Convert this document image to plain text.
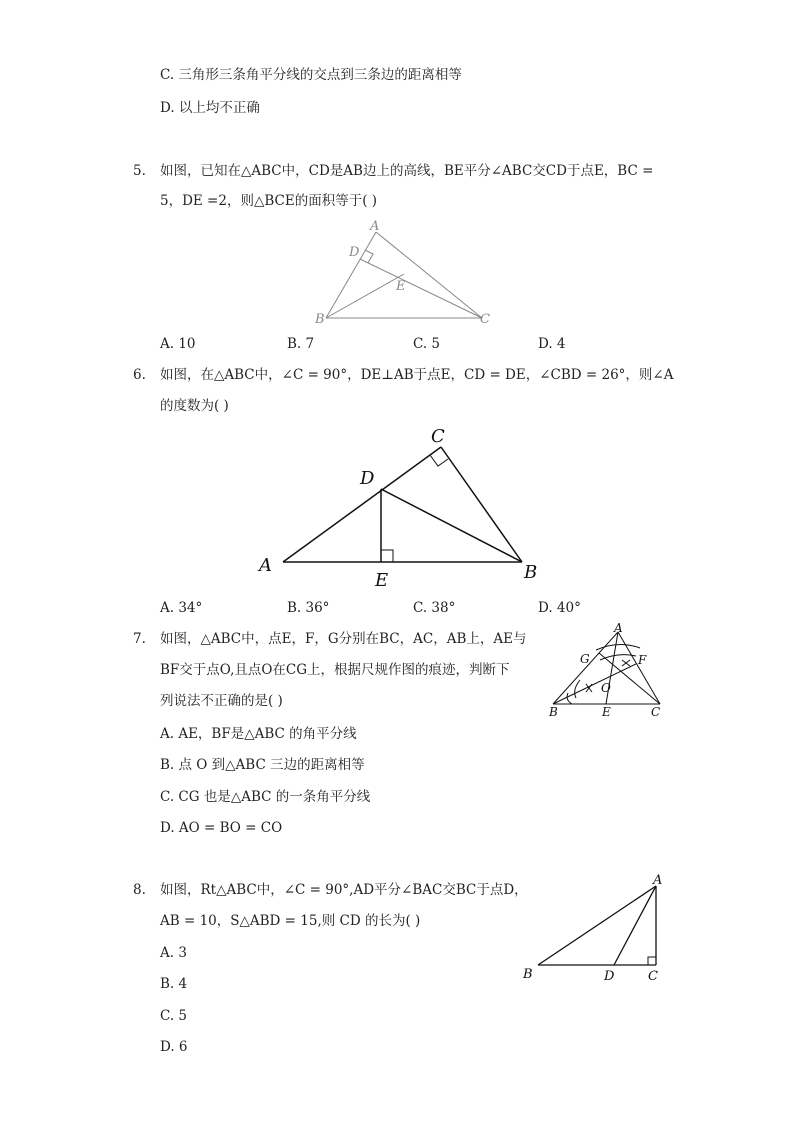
C. 三角形三条角平分线的交点到三条边的距离相等
D. 以上均不正确
5. 如图，已知在△ABC中，CD是AB边上的高线，BE平分∠ABC交CD于点E，BC =
5，DE =2，则△BCE的面积等于( )
A
B	C
D
E
A. 10	B. 7	C. 5	D. 4
6. 如图，在△ABC中，∠C = 90°，DE⊥AB于点E，CD = DE，∠CBD = 26°，则∠A
的度数为( )
A	B
C
D
E
A. 34°	B. 36°	C. 38°	D. 40°
7. 如图，△ABC中，点E，F，G分别在BC，AC，AB上，AE与
BF交于点O,且点O在CG上，根据尺规作图的痕迹，判断下
列说法不正确的是( )
A
B	C
E
F
G
O
A. AE，BF是△ABC 的角平分线
B. 点 O 到△ABC 三边的距离相等
C. CG 也是△ABC 的一条角平分线
D. AO = BO = CO
8. 如图，Rt△ABC中，∠C = 90°,AD平分∠BAC交BC于点D，
AB = 10，S△ABD = 15,则 CD 的长为( )
A
B	C
D
A. 3
B. 4
C. 5
D. 6
